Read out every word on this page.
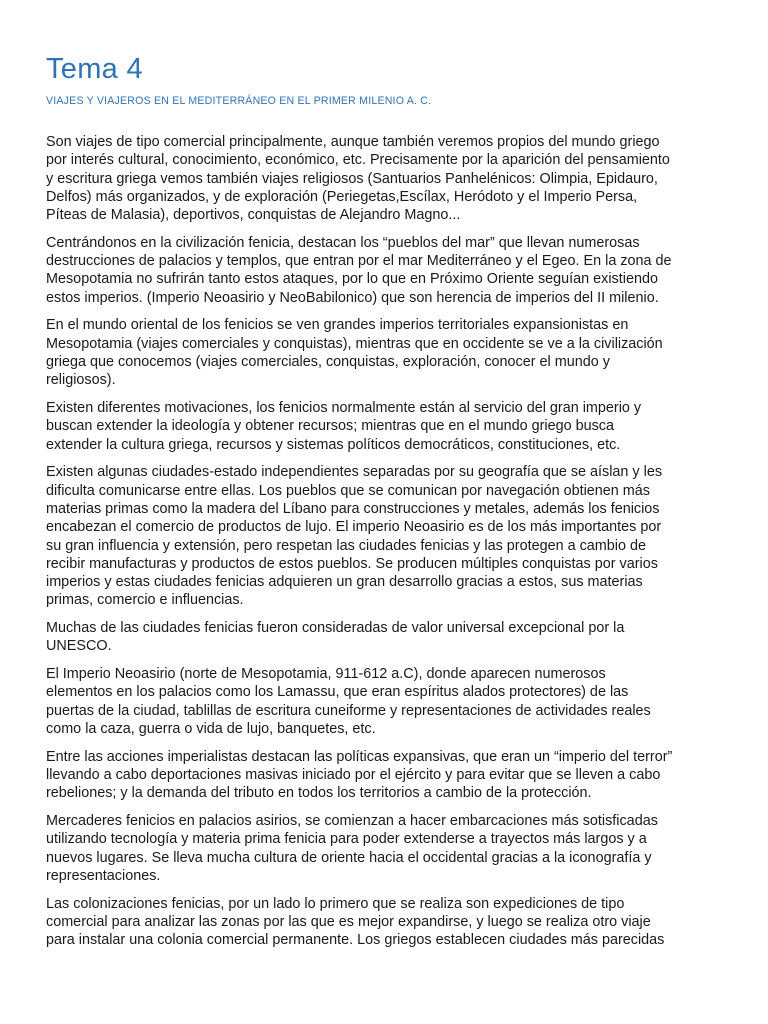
Tema 4
VIAJES Y VIAJEROS EN EL MEDITERRÁNEO EN EL PRIMER MILENIO A. C.

Son viajes de tipo comercial principalmente, aunque también veremos propios del mundo griego
por interés cultural, conocimiento, económico, etc. Precisamente por la aparición del pensamiento
y escritura griega vemos también viajes religiosos (Santuarios Panhelénicos: Olimpia, Epidauro,
Delfos) más organizados, y de exploración (Periegetas,Escílax, Heródoto y el Imperio Persa,
Píteas de Malasia), deportivos, conquistas de Alejandro Magno...

Centrándonos en la civilización fenicia, destacan los “pueblos del mar” que llevan numerosas
destrucciones de palacios y templos, que entran por el mar Mediterráneo y el Egeo. En la zona de
Mesopotamia no sufrirán tanto estos ataques, por lo que en Próximo Oriente seguían existiendo
estos imperios. (Imperio Neoasirio y NeoBabilonico) que son herencia de imperios del II milenio.

En el mundo oriental de los fenicios se ven grandes imperios territoriales expansionistas en
Mesopotamia (viajes comerciales y conquistas), mientras que en occidente se ve a la civilización
griega que conocemos (viajes comerciales, conquistas, exploración, conocer el mundo y
religiosos).

Existen diferentes motivaciones, los fenicios normalmente están al servicio del gran imperio y
buscan extender la ideología y obtener recursos; mientras que en el mundo griego busca
extender la cultura griega, recursos y sistemas políticos democráticos, constituciones, etc.

Existen algunas ciudades-estado independientes separadas por su geografía que se aíslan y les
dificulta comunicarse entre ellas. Los pueblos que se comunican por navegación obtienen más
materias primas como la madera del Líbano para construcciones y metales, además los fenicios
encabezan el comercio de productos de lujo. El imperio Neoasirio es de los más importantes por
su gran influencia y extensión, pero respetan las ciudades fenicias y las protegen a cambio de
recibir manufacturas y productos de estos pueblos. Se producen múltiples conquistas por varios
imperios y estas ciudades fenicias adquieren un gran desarrollo gracias a estos, sus materias
primas, comercio e influencias.

Muchas de las ciudades fenicias fueron consideradas de valor universal excepcional por la
UNESCO.

El Imperio Neoasirio (norte de Mesopotamia, 911-612 a.C), donde aparecen numerosos
elementos en los palacios como los Lamassu, que eran espíritus alados protectores) de las
puertas de la ciudad, tablillas de escritura cuneiforme y representaciones de actividades reales
como la caza, guerra o vida de lujo, banquetes, etc.

Entre las acciones imperialistas destacan las políticas expansivas, que eran un “imperio del terror”
llevando a cabo deportaciones masivas iniciado por el ejército y para evitar que se lleven a cabo
rebeliones; y la demanda del tributo en todos los territorios a cambio de la protección.

Mercaderes fenicios en palacios asirios, se comienzan a hacer embarcaciones más sotisficadas
utilizando tecnología y materia prima fenicia para poder extenderse a trayectos más largos y a
nuevos lugares. Se lleva mucha cultura de oriente hacia el occidental gracias a la iconografía y
representaciones.

Las colonizaciones fenicias, por un lado lo primero que se realiza son expediciones de tipo
comercial para analizar las zonas por las que es mejor expandirse, y luego se realiza otro viaje
para instalar una colonia comercial permanente. Los griegos establecen ciudades más parecidas
